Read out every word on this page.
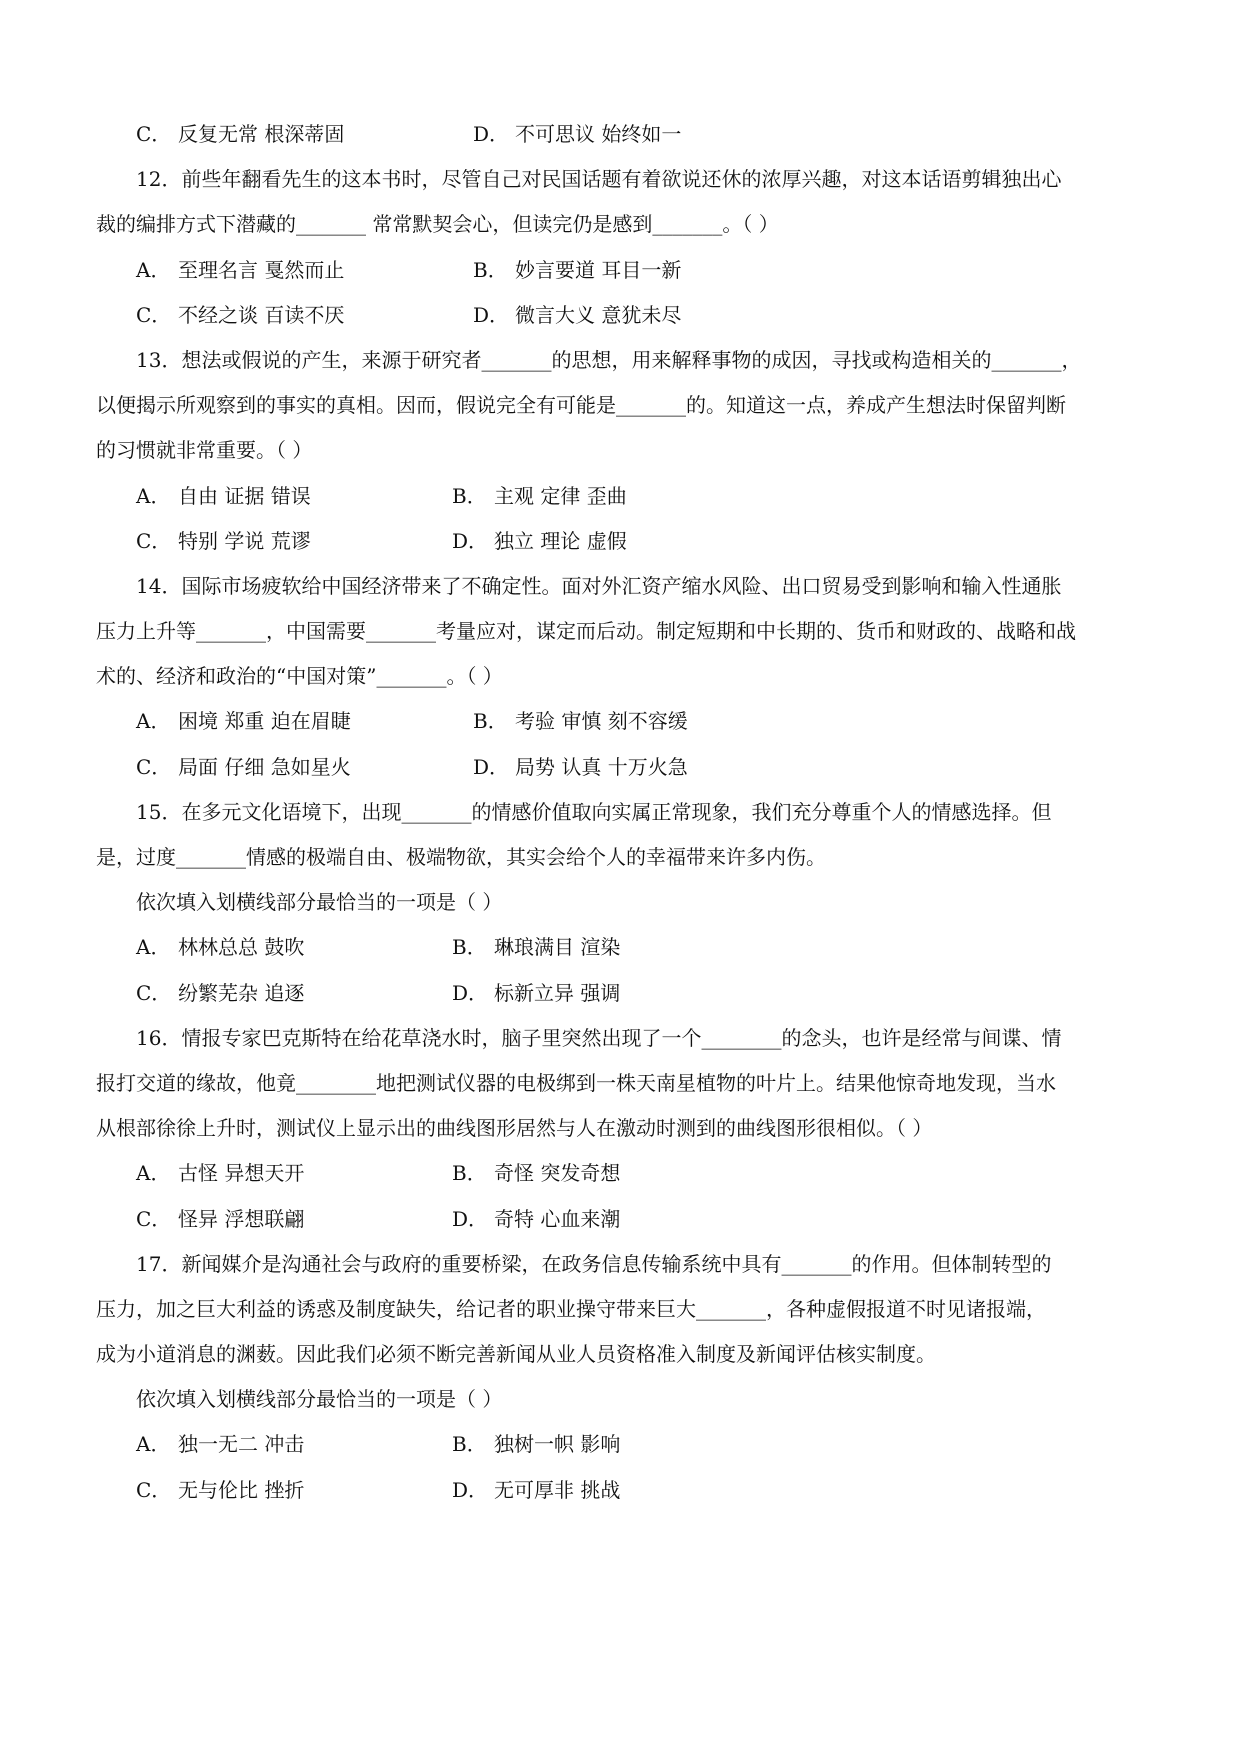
C． 反复无常 根深蒂固	D． 不可思议 始终如一
12．前些年翻看先生的这本书时，尽管自己对民国话题有着欲说还休的浓厚兴趣，对这本话语剪辑独出心
裁的编排方式下潜藏的_______ 常常默契会心，但读完仍是感到_______。（ ）
A． 至理名言 戛然而止	B． 妙言要道 耳目一新
C． 不经之谈 百读不厌	D． 微言大义 意犹未尽
13．想法或假说的产生，来源于研究者_______的思想，用来解释事物的成因，寻找或构造相关的_______，
以便揭示所观察到的事实的真相。因而，假说完全有可能是_______的。知道这一点，养成产生想法时保留判断
的习惯就非常重要。（ ）
A． 自由 证据 错误	B． 主观 定律 歪曲
C． 特别 学说 荒谬	D． 独立 理论 虚假
14．国际市场疲软给中国经济带来了不确定性。面对外汇资产缩水风险、出口贸易受到影响和输入性通胀
压力上升等_______，中国需要_______考量应对，谋定而后动。制定短期和中长期的、货币和财政的、战略和战
术的、经济和政治的“中国对策”_______。（ ）
A． 困境 郑重 迫在眉睫	B． 考验 审慎 刻不容缓
C． 局面 仔细 急如星火	D． 局势 认真 十万火急
15．在多元文化语境下，出现_______的情感价值取向实属正常现象，我们充分尊重个人的情感选择。但
是，过度_______情感的极端自由、极端物欲，其实会给个人的幸福带来许多内伤。
依次填入划横线部分最恰当的一项是（ ）
A． 林林总总 鼓吹	B． 琳琅满目 渲染
C． 纷繁芜杂 追逐	D． 标新立异 强调
16．情报专家巴克斯特在给花草浇水时，脑子里突然出现了一个________的念头，也许是经常与间谍、情
报打交道的缘故，他竟________地把测试仪器的电极绑到一株天南星植物的叶片上。结果他惊奇地发现，当水
从根部徐徐上升时，测试仪上显示出的曲线图形居然与人在激动时测到的曲线图形很相似。（ ）
A． 古怪 异想天开	B． 奇怪 突发奇想
C． 怪异 浮想联翩	D． 奇特 心血来潮
17．新闻媒介是沟通社会与政府的重要桥梁，在政务信息传输系统中具有_______的作用。但体制转型的
压力，加之巨大利益的诱惑及制度缺失，给记者的职业操守带来巨大_______，各种虚假报道不时见诸报端，
成为小道消息的渊薮。因此我们必须不断完善新闻从业人员资格准入制度及新闻评估核实制度。
依次填入划横线部分最恰当的一项是（ ）
A． 独一无二 冲击	B． 独树一帜 影响
C． 无与伦比 挫折	D． 无可厚非 挑战
